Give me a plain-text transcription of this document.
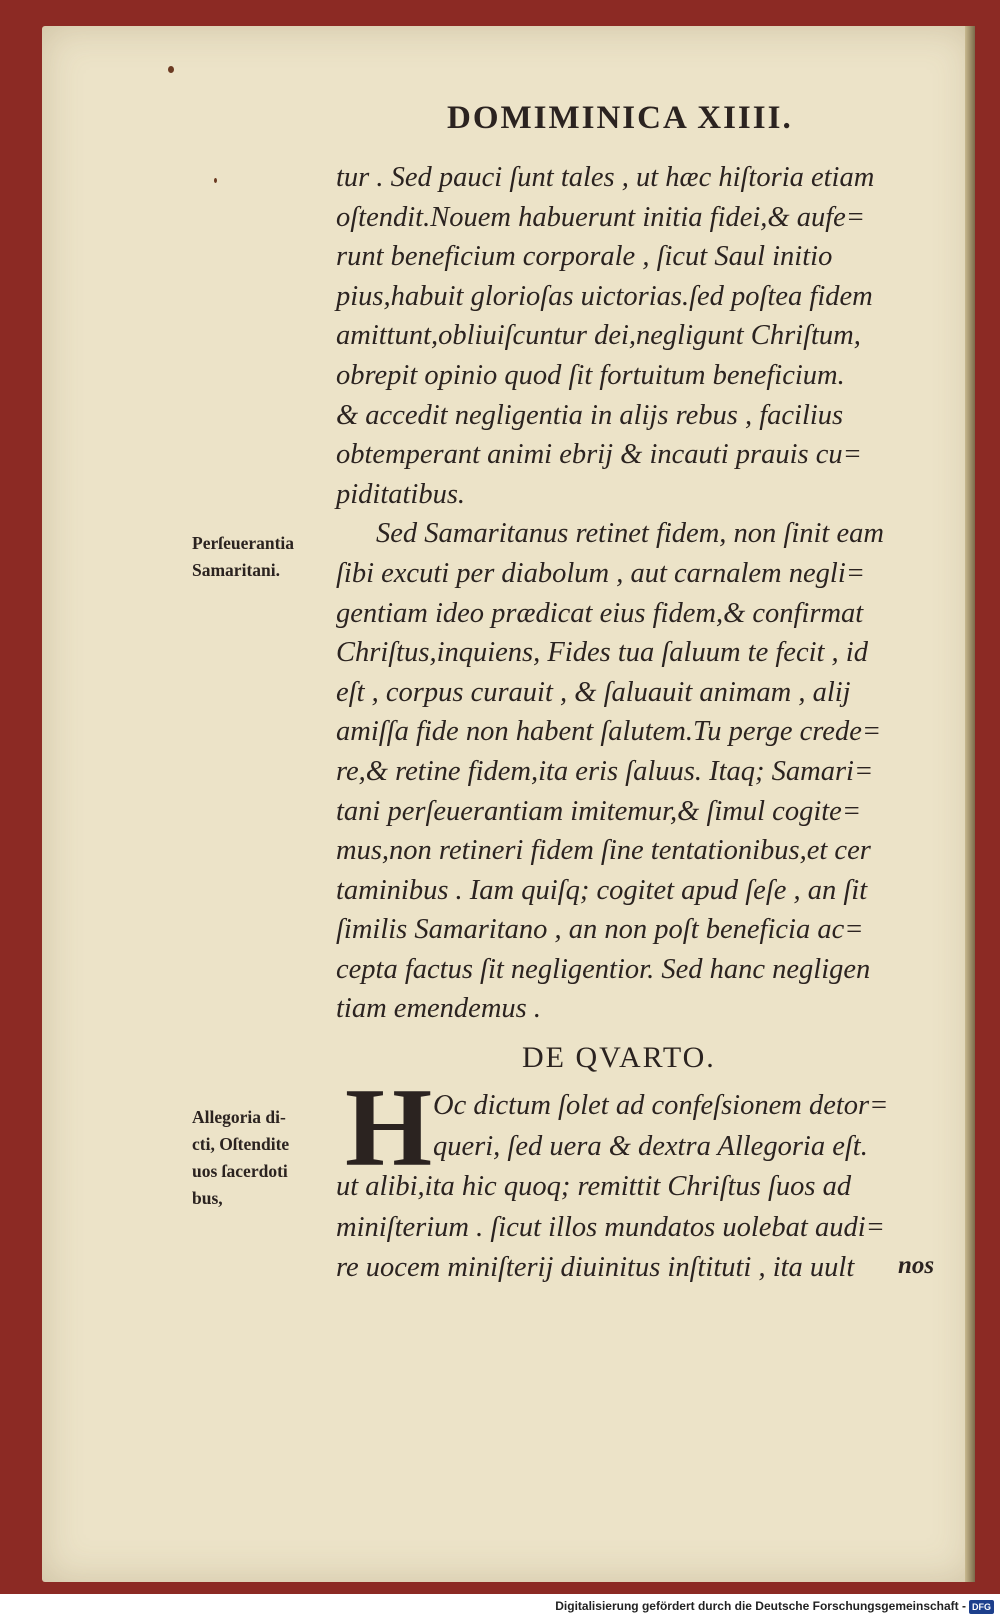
DOMIMINICA XIIII.
tur . Sed pauci ſunt tales , ut hæc hiſtoria etiam
oſtendit.Nouem habuerunt initia fidei,& aufe=
runt beneficium corporale , ſicut Saul initio
pius,habuit glorioſas uictorias.ſed poſtea fidem
amittunt,obliuiſcuntur dei,negligunt Chriſtum,
obrepit opinio quod ſit fortuitum beneficium.
& accedit negligentia in alijs rebus , facilius
obtemperant animi ebrij & incauti prauis cu=
piditatibus.
Sed Samaritanus retinet fidem, non ſinit eam
ſibi excuti per diabolum , aut carnalem negli=
gentiam ideo prædicat eius fidem,& confirmat
Chriſtus,inquiens, Fides tua ſaluum te fecit , id
eſt , corpus curauit , & ſaluauit animam , alij
amiſſa fide non habent ſalutem.Tu perge crede=
re,& retine fidem,ita eris ſaluus. Itaq; Samari=
tani perſeuerantiam imitemur,& ſimul cogite=
mus,non retineri fidem ſine tentationibus,et cer
taminibus . Iam quiſq; cogitet apud ſeſe , an ſit
ſimilis Samaritano , an non poſt beneficia ac=
cepta factus ſit negligentior. Sed hanc negligen
tiam emendemus .
DE QVARTO.
H Oc dictum ſolet ad confeſsionem detor=
queri, ſed uera & dextra Allegoria eſt.
ut alibi,ita hic quoq; remittit Chriſtus ſuos ad
miniſterium . ſicut illos mundatos uolebat audi=
re uocem miniſterij diuinitus inſtituti , ita uult	nos
Perſeuerantia
Samaritani.
Allegoria di-
cti, Oſtendite
uos ſacerdoti
bus,
Digitalisierung gefördert durch die Deutsche Forschungsgemeinschaft - DFG
